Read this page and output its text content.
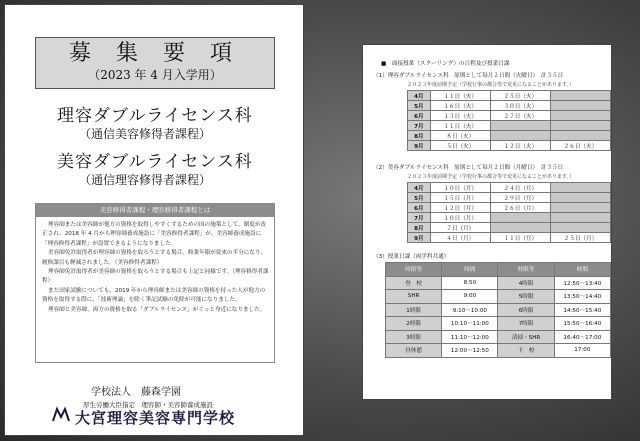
募 集 要 項
（2023 年 4 月入学用）
理容ダブルライセンス科
（通信美容修得者課程）
美容ダブルライセンス科
（通信理容修得者課程）
美容修得者課程・理容修得者課程とは

理容師または美容師が他方の資格を取得しやすくするための国の施策として、制度が改正され、2018 年 4 月から理容師養成施設に「美容修得者課程」が、美容師養成施設に「理容修得者課程」が設置できるようになりました。

美容師免許取得者が理容師の資格を取ろうとする場合、修業年限が従来の半分になり、履修課目も軽減されました。（美容修得者課程）

理容師免許取得者が美容師の資格を取ろうとする場合も上記と同様です。（理容修得者課程）

また国家試験についても、2019 年から理容師または美容師の資格を持った人が他方の資格を取得する際に、「技術理論」を除く筆記試験の免除が可能になりました。

理容師と美容師、両方の資格を取る「ダブルライセンス」がぐっと身近になりました。

学校法人　藤森学園
厚生労働大臣指定　理容師・美容師養成施設
大宮理容美容専門学校
■　面接授業（スクーリング）の日程及び授業日課
（1）理容ダブルライセンス科　原則として毎月２日間（火曜日）　計３５日
２０２３年度前期予定（学校行事の都合等で変更になることがあります。）
4月	１１日（火）	２５日（火）	
5月	１６日（火）	３０日（火）	
6月	１３日（火）	２７日（火）	
7月	１１日（火）		
8月	８日（火）		
9月	５日（火）	１２日（火）	２６日（火）
（2）美容ダブルライセンス科　原則として毎月２日間（月曜日）　計３５日
２０２３年度前期予定（学校行事の都合等で変更になることがあります。）
4月	１０日（月）	２４日（月）	
5月	１５日（月）	２９日（月）	
6月	１２日（月）	２６日（月）	
7月	１０日（月）		
8月	７日（月）		
9月	４日（月）	１１日（月）	２５日（月）
（3）授業日課（両学科共通）
時限等	時間	時限等	時間
登　校	8:50	4時限	12:50～13:40
SHR	9:00	5時限	13:50～14:40
1時限	9:10～10:00	6時限	14:50～15:40
2時限	10:10～11:00	7時限	15:50～16:40
3時限	11:10～12:00	清掃・SHR	16:40～17:00
昼休憩	12:00～12:50	下　校	17:00
